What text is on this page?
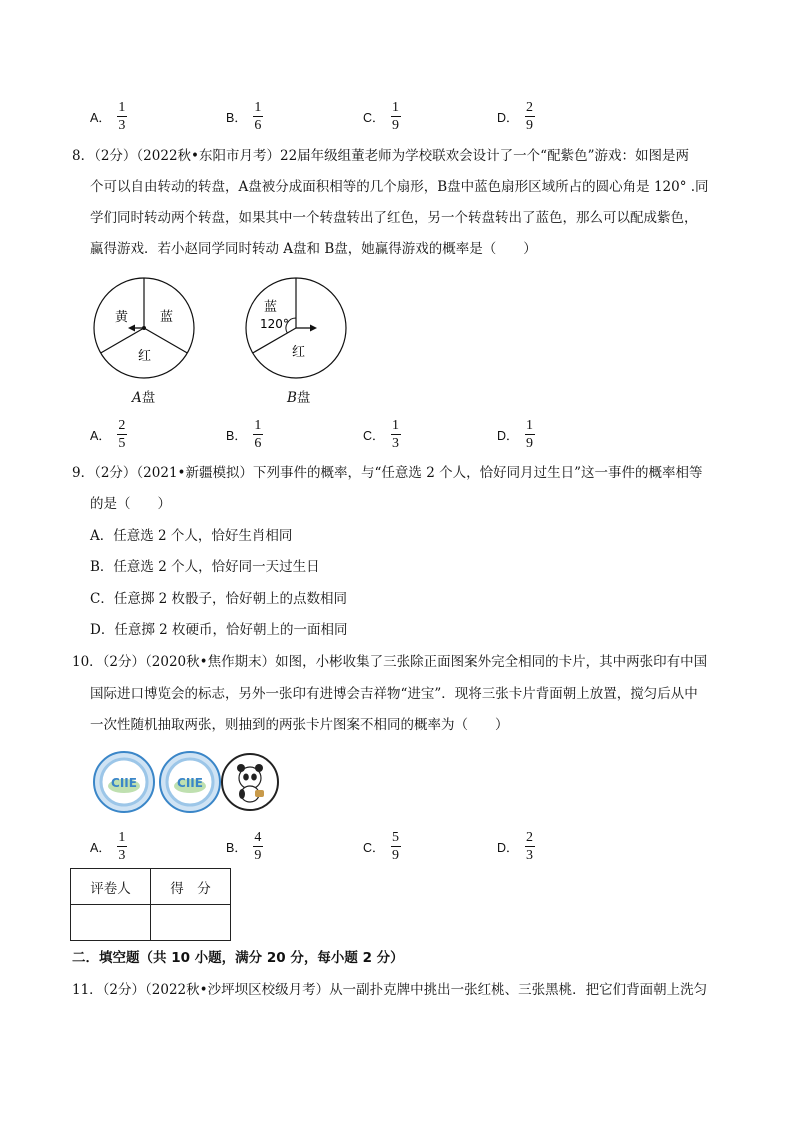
A． $\frac{1}{3}$	B． $\frac{1}{6}$	C． $\frac{1}{9}$	D． $\frac{2}{9}$
8．（2分）（2022秋•东阳市月考）22届年级组董老师为学校联欢会设计了一个“配紫色”游戏：如图是两
个可以自由转动的转盘，A盘被分成面积相等的几个扇形，B盘中蓝色扇形区域所占的圆心角是 120° .同
学们同时转动两个转盘，如果其中一个转盘转出了红色，另一个转盘转出了蓝色，那么可以配成紫色，
赢得游戏．若小赵同学同时转动 A盘和 B盘，她赢得游戏的概率是（　　）
黄 蓝
红
A盘
蓝
120°
红
B盘
A． $\frac{2}{5}$	B． $\frac{1}{6}$	C． $\frac{1}{3}$	D． $\frac{1}{9}$
9．（2分）（2021•新疆模拟）下列事件的概率，与“任意选 2 个人，恰好同月过生日”这一事件的概率相等
的是（　　）
A．任意选 2 个人，恰好生肖相同
B．任意选 2 个人，恰好同一天过生日
C．任意掷 2 枚骰子，恰好朝上的点数相同
D．任意掷 2 枚硬币，恰好朝上的一面相同
10．（2分）（2020秋•焦作期末）如图，小彬收集了三张除正面图案外完全相同的卡片，其中两张印有中国
国际进口博览会的标志，另外一张印有进博会吉祥物“进宝”．现将三张卡片背面朝上放置，搅匀后从中
一次性随机抽取两张，则抽到的两张卡片图案不相同的概率为（　　）
CIIE	CIIE
A． $\frac{1}{3}$	B． $\frac{4}{9}$	C． $\frac{5}{9}$	D． $\frac{2}{3}$
评卷人	得　分

二．填空题（共 10 小题，满分 20 分，每小题 2 分）
11．（2分）（2022秋•沙坪坝区校级月考）从一副扑克牌中挑出一张红桃、三张黑桃．把它们背面朝上洗匀
